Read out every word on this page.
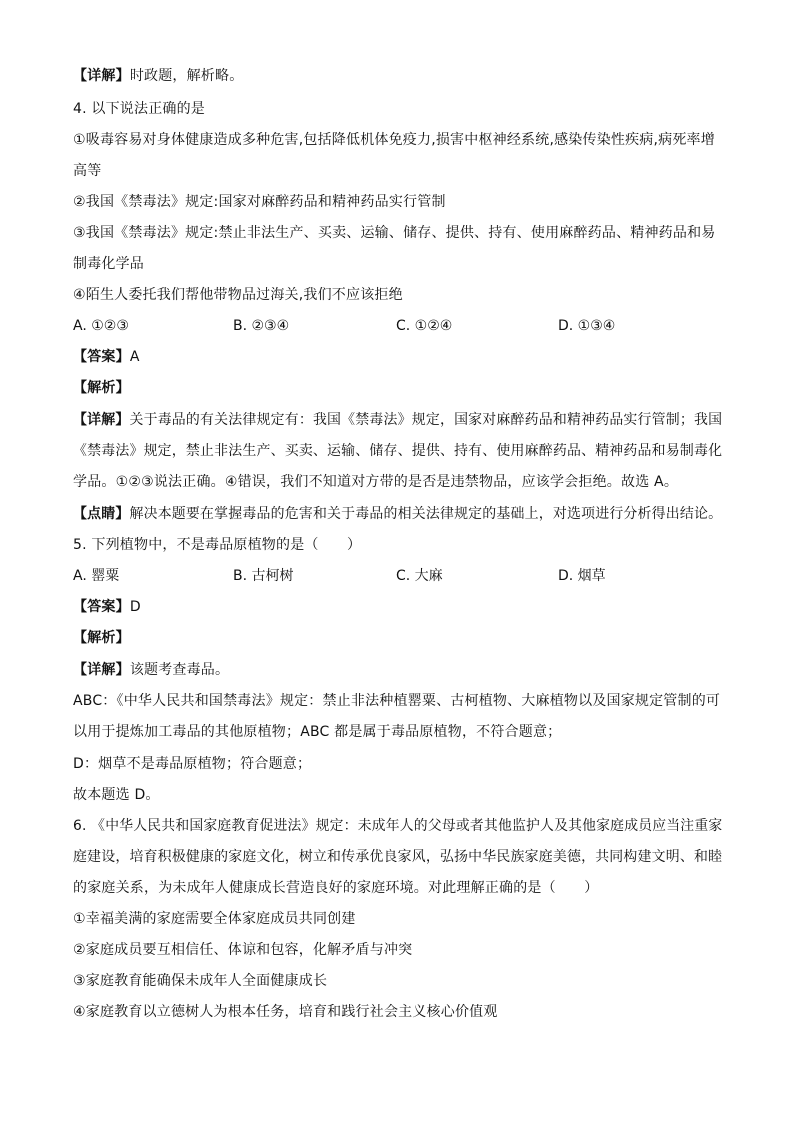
【详解】时政题，解析略。
4. 以下说法正确的是
①吸毒容易对身体健康造成多种危害,包括降低机体免疫力,损害中枢神经系统,感染传染性疾病,病死率增
高等
②我国《禁毒法》规定:国家对麻醉药品和精神药品实行管制
③我国《禁毒法》规定:禁止非法生产、买卖、运输、储存、提供、持有、使用麻醉药品、精神药品和易
制毒化学品
④陌生人委托我们帮他带物品过海关,我们不应该拒绝
A. ①②③	B. ②③④	C. ①②④	D. ①③④
【答案】A
【解析】
【详解】关于毒品的有关法律规定有：我国《禁毒法》规定，国家对麻醉药品和精神药品实行管制；我国
《禁毒法》规定，禁止非法生产、买卖、运输、储存、提供、持有、使用麻醉药品、精神药品和易制毒化
学品。①②③说法正确。④错误，我们不知道对方带的是否是违禁物品，应该学会拒绝。故选 A。
【点睛】解决本题要在掌握毒品的危害和关于毒品的相关法律规定的基础上，对选项进行分析得出结论。
5. 下列植物中，不是毒品原植物的是（　　）
A. 罂粟	B. 古柯树	C. 大麻	D. 烟草
【答案】D
【解析】
【详解】该题考查毒品。
ABC：《中华人民共和国禁毒法》规定：禁止非法种植罂粟、古柯植物、大麻植物以及国家规定管制的可
以用于提炼加工毒品的其他原植物；ABC 都是属于毒品原植物，不符合题意；
D：烟草不是毒品原植物；符合题意；
故本题选 D。
6. 《中华人民共和国家庭教育促进法》规定：未成年人的父母或者其他监护人及其他家庭成员应当注重家
庭建设，培育积极健康的家庭文化，树立和传承优良家风，弘扬中华民族家庭美德，共同构建文明、和睦
的家庭关系，为未成年人健康成长营造良好的家庭环境。对此理解正确的是（　　）
①幸福美满的家庭需要全体家庭成员共同创建
②家庭成员要互相信任、体谅和包容，化解矛盾与冲突
③家庭教育能确保未成年人全面健康成长
④家庭教育以立德树人为根本任务，培育和践行社会主义核心价值观
